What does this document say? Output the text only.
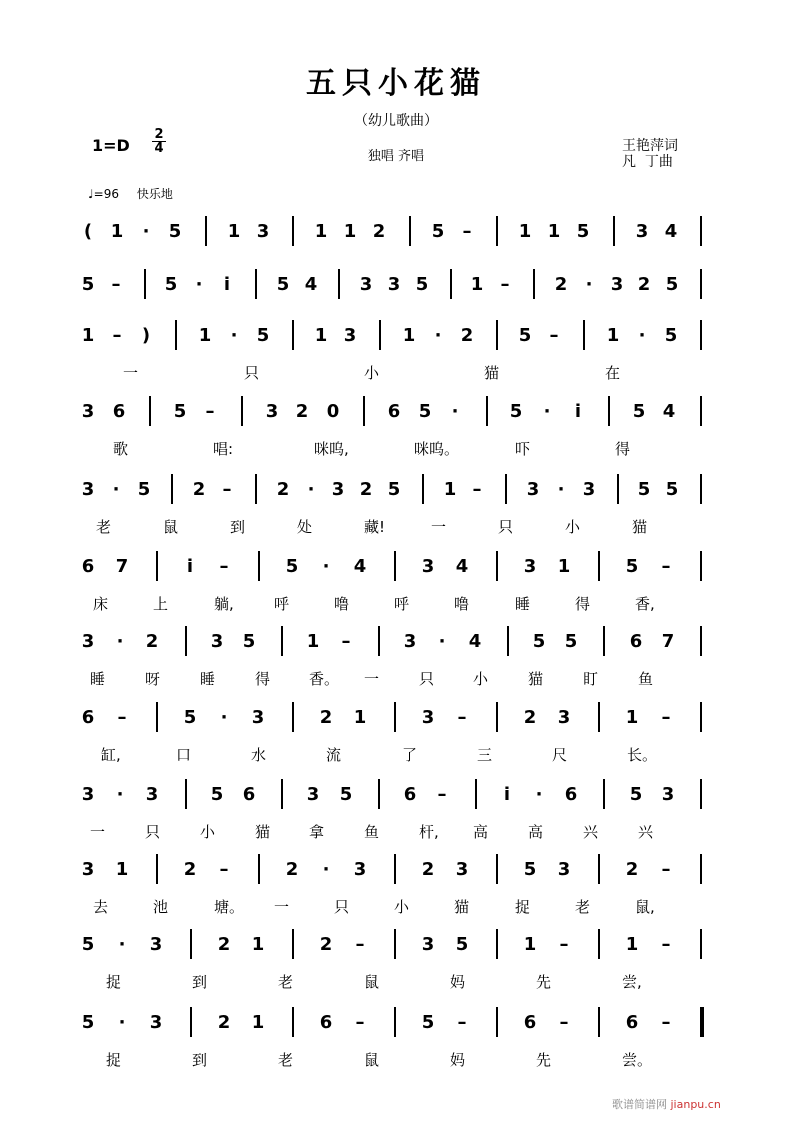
五只小花猫
（幼儿歌曲）
1=D
2
4
独唱 齐唱
王艳萍词
凡  丁曲
♩=96 快乐地
(	1	·	5	1 3	1 1 2	5	–	1 1 5	3 4
5 –	5	·	i	5 4	3 3 5	1 –	2	·	3 2 5
1	–	)	1	·	5	1 3	1	·	2	5	–	1	·	5
一	只	小	猫	在
3	6	5	–	3 2	0	6	5	·	5	·	i	5 4
歌	唱:	咪呜,	咪呜。	吓	得
3	·	5	2 –	2	· 3 2 5	1 –	3	·	3	5 5
老	鼠	到	处	藏!	一	只	小	猫
6	7	i	–	5	·	4	3	4	3	1	5	–
床	上	躺,	呼	噜	呼	噜	睡	得	香,
3	·	2	3	5	1	–	3	·	4	5	5	6	7
睡	呀	睡	得	香。 一	只	小	猫	盯	鱼
6	–	5	·	3	2	1	3	–	2	3	1	–
缸,	口	水	流	了	三	尺	长。
3	·	3	5	6	3	5	6	–	i	·	6	5	3
一	只	小	猫	拿	鱼	杆, 高	高	兴	兴
3	1	2	–	2	·	3	2	3	5	3	2	–
去	池	塘。 一	只	小	猫	捉	老	鼠,
5	·	3	2	1	2	–	3	5	1	–	1	–
捉	到	老	鼠	妈	先	尝,
5	·	3	2	1	6	–	5	–	6	–	6	–
捉	到	老	鼠	妈	先	尝。
歌谱简谱网 jianpu.cn
